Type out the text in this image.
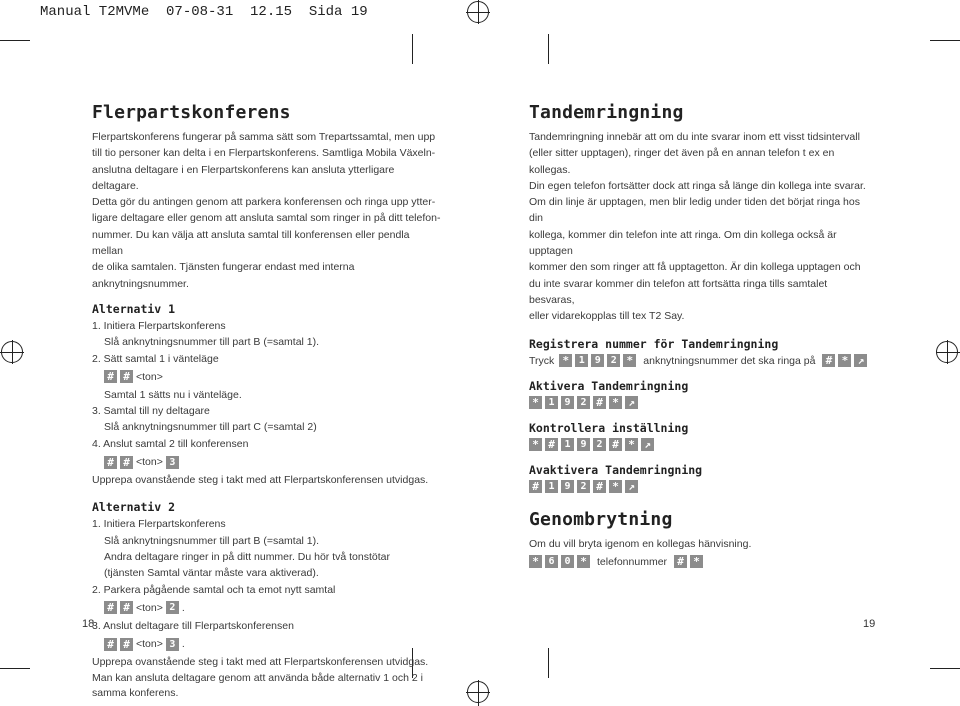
Manual T2MVMe  07-08-31  12.15  Sida 19
Flerpartskonferens

Flerpartskonferens fungerar på samma sätt som Trepartssamtal, men upp

till tio personer kan delta i en Flerpartskonferens. Samtliga Mobila Växeln-

anslutna deltagare i en Flerpartskonferens kan ansluta ytterligare deltagare.

Detta gör du antingen genom att parkera konferensen och ringa upp ytter-

ligare deltagare eller genom att ansluta samtal som ringer in på ditt telefon-

nummer. Du kan välja att ansluta samtal till konferensen eller pendla mellan

de olika samtalen. Tjänsten fungerar endast med interna anknytningsnummer.

Alternativ 1

1. Initiera Flerpartskonferens

Slå anknytningsnummer till part B (=samtal 1).

2. Sätt samtal 1 i vänteläge

# # <ton>

Samtal 1 sätts nu i vänteläge.

3. Samtal till ny deltagare

Slå anknytningsnummer till part C (=samtal 2)

4. Anslut samtal 2 till konferensen

# # <ton> 3

Upprepa ovanstående steg i takt med att Flerpartskonferensen utvidgas.

Alternativ 2

1. Initiera Flerpartskonferens

Slå anknytningsnummer till part B (=samtal 1).

Andra deltagare ringer in på ditt nummer. Du hör två tonstötar

(tjänsten Samtal väntar måste vara aktiverad).

2. Parkera pågående samtal och ta emot nytt samtal

# # <ton> 2 .

3. Anslut deltagare till Flerpartskonferensen

# # <ton> 3 .

Upprepa ovanstående steg i takt med att Flerpartskonferensen utvidgas.

Man kan ansluta deltagare genom att använda både alternativ 1 och 2 i

samma konferens.

18
Tandemringning

Tandemringning innebär att om du inte svarar inom ett visst tidsintervall

(eller sitter upptagen), ringer det även på en annan telefon t ex en kollegas.

Din egen telefon fortsätter dock att ringa så länge din kollega inte svarar.

Om din linje är upptagen, men blir ledig under tiden det börjat ringa hos din

kollega, kommer din telefon inte att ringa. Om din kollega också är upptagen

kommer den som ringer att få upptagetton. Är din kollega upptagen och

du inte svarar kommer din telefon att fortsätta ringa tills samtalet besvaras,

eller vidarekopplas till tex T2 Say.

Registrera nummer för Tandemringning
Tryck * 1 9 2 * anknytningsnummer det ska ringa på # * ↗
Aktivera Tandemringning
* 1 9 2 # * ↗
Kontrollera inställning
* # 1 9 2 # * ↗
Avaktivera Tandemringning
# 1 9 2 # * ↗
Genombrytning

Om du vill bryta igenom en kollegas hänvisning.

* 6 0 * telefonnummer # *
19
